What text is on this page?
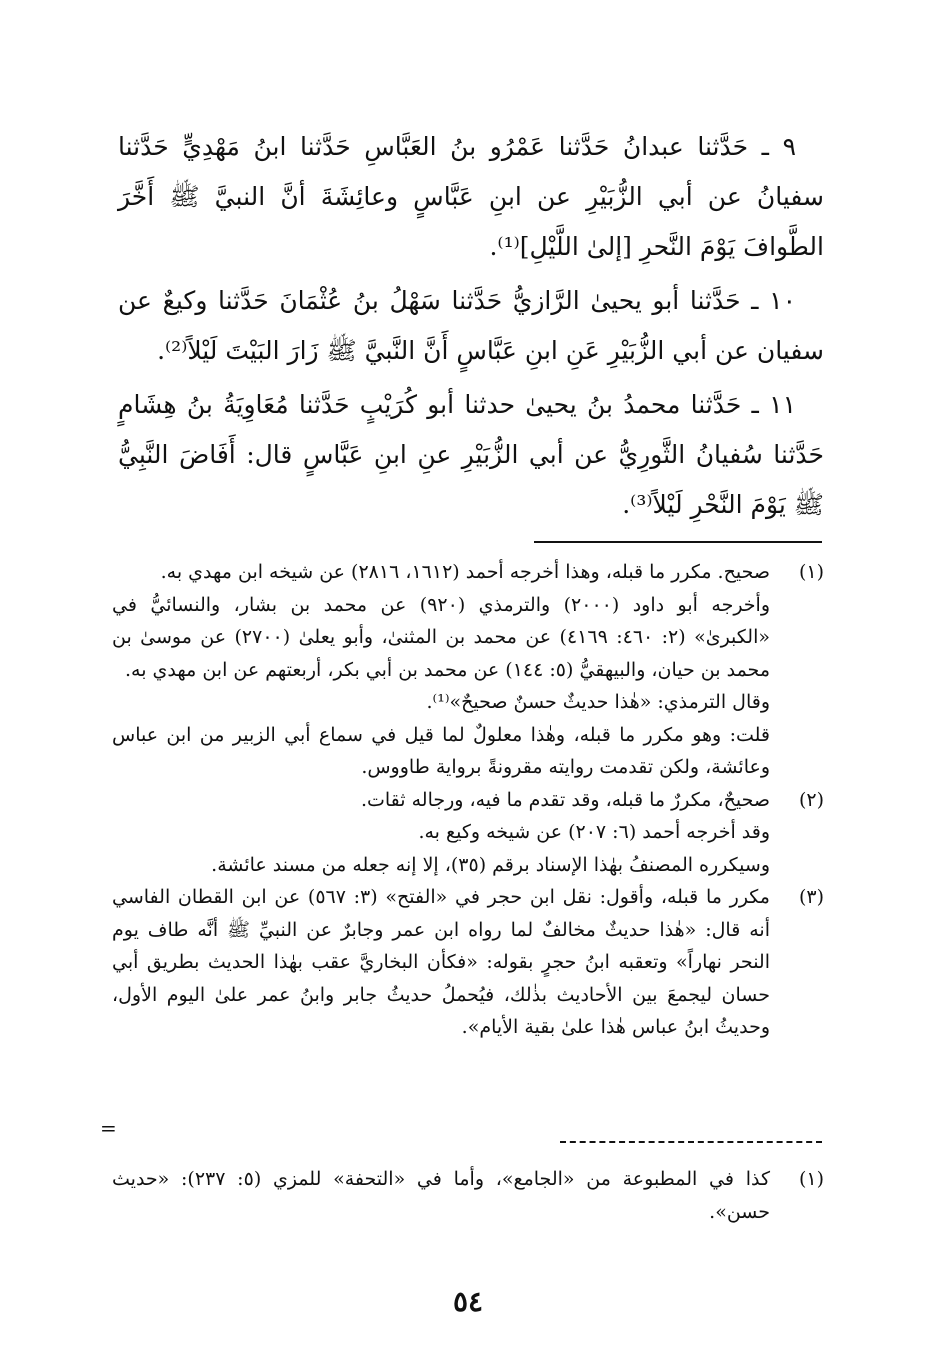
٩ ـ حَدَّثنا عبدانُ حَدَّثنا عَمْرُو بنُ العَبَّاسِ حَدَّثنا ابنُ مَهْدِيٍّ حَدَّثنا سفيانُ عن أبي الزُّبَيْرِ عن ابنِ عَبَّاسٍ وعائِشَةَ أنَّ النبيَّ ﷺ أَخَّرَ الطَّوافَ يَوْمَ النَّحرِ [إلىٰ اللَّيْلِ]⁽¹⁾.

١٠ ـ حَدَّثنا أبو يحيىٰ الرَّازيُّ حَدَّثنا سَهْلُ بنُ عُثْمَانَ حَدَّثنا وكيعٌ عن سفيان عن أبي الزُّبَيْرِ عَنِ ابنِ عَبَّاسٍ أَنَّ النَّبيَّ ﷺ زَارَ البَيْتَ لَيْلاً⁽²⁾.

١١ ـ حَدَّثنا محمدُ بنُ يحيىٰ حدثنا أبو كُرَيْبٍ حَدَّثنا مُعَاوِيَةُ بنُ هِشَامٍ حَدَّثنا سُفيانُ الثَّورِيُّ عن أبي الزُّبَيْرِ عنِ ابنِ عَبَّاسٍ قال: أَفَاضَ النَّبِيُّ ﷺ يَوْمَ النَّحْرِ لَيْلاً⁽³⁾.

(١)
صحيح. مكرر ما قبله، وهذا أخرجه أحمد (١٦١٢، ٢٨١٦) عن شيخه ابن مهدي به.
وأخرجه أبو داود (٢٠٠٠) والترمذي (٩٢٠) عن محمد بن بشار، والنسائيُّ في «الكبرىٰ» (٢: ٤٦٠: ٤١٦٩) عن محمد بن المثنىٰ، وأبو يعلىٰ (٢٧٠٠) عن موسىٰ بن محمد بن حيان، والبيهقيُّ (٥: ١٤٤) عن محمد بن أبي بكر، أربعتهم عن ابن مهدي به.
وقال الترمذي: «هٰذا حديثٌ حسنٌ صحيحٌ»⁽¹⁾.
قلت: وهو مكرر ما قبله، وهٰذا معلولٌ لما قيل في سماع أبي الزبير من ابن عباس وعائشة، ولكن تقدمت روايته مقرونةً برواية طاووس.
(٢)
صحيحٌ، مكررٌ ما قبله، وقد تقدم ما فيه، ورجاله ثقات.
وقد أخرجه أحمد (٦: ٢٠٧) عن شيخه وكيع به.
وسيكرره المصنفُ بهٰذا الإسناد برقم (٣٥)، إلا إنه جعله من مسند عائشة.
(٣)
مكرر ما قبله، وأقول: نقل ابن حجر في «الفتح» (٣: ٥٦٧) عن ابن القطان الفاسي أنه قال: «هٰذا حديثٌ مخالفٌ لما رواه ابن عمر وجابرٌ عن النبيِّ ﷺ أنَّه طاف يوم النحر نهاراً» وتعقبه ابنُ حجرٍ بقوله: «فكأن البخاريَّ عقب بهٰذا الحديث بطريق أبي حسان ليجمعَ بين الأحاديث بذٰلك، فيُحملُ حديثُ جابر وابنُ عمر علىٰ اليوم الأول، وحديثُ ابنُ عباس هٰذا علىٰ بقية الأيام».
=
(١)
كذا في المطبوعة من «الجامع»، وأما في «التحفة» للمزي (٥: ٢٣٧): «حديث حسن».
٥٤
